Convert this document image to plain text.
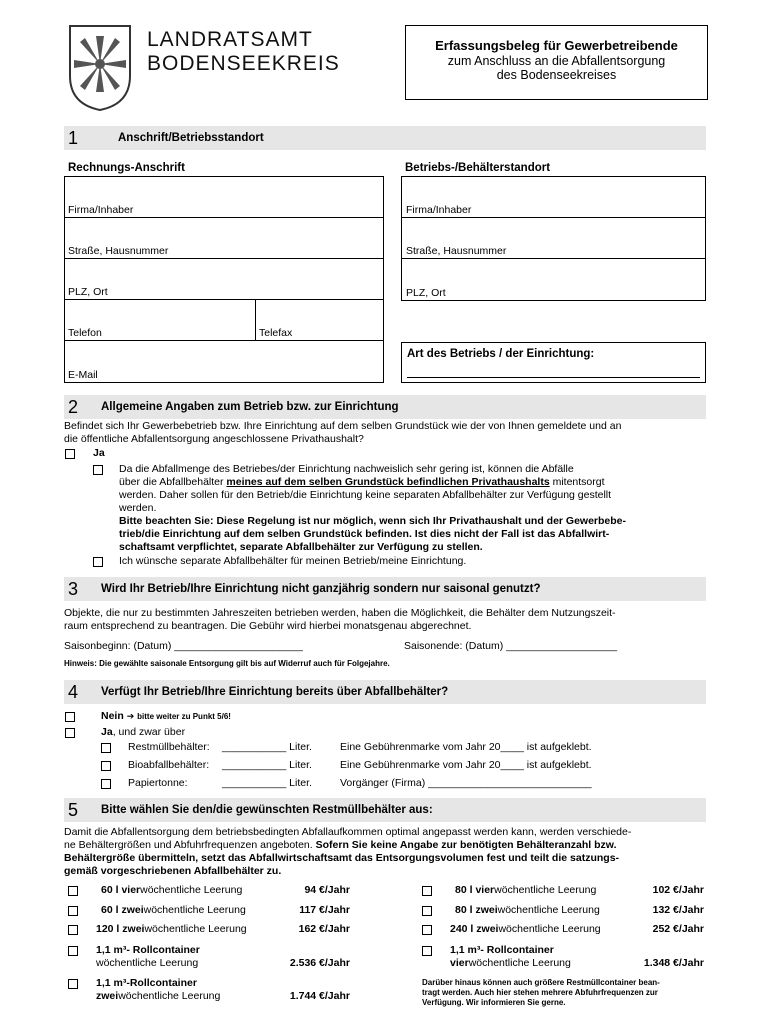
LANDRATSAMT
BODENSEEKREIS
Erfassungsbeleg für Gewerbetreibende
zum Anschluss an die Abfallentsorgung
des Bodenseekreises
1	Anschrift/Betriebsstandort
Rechnungs-Anschrift	Betriebs-/Behälterstandort
Firma/Inhaber
Straße, Hausnummer
PLZ, Ort
Telefon	Telefax
E-Mail
Firma/Inhaber
Straße, Hausnummer
PLZ, Ort
Art des Betriebs / der Einrichtung:
2 Allgemeine Angaben zum Betrieb bzw. zur Einrichtung
Befindet sich Ihr Gewerbebetrieb bzw. Ihre Einrichtung auf dem selben Grundstück wie der von Ihnen gemeldete und an
die öffentliche Abfallentsorgung angeschlossene Privathaushalt?
Ja
Da die Abfallmenge des Betriebes/der Einrichtung nachweislich sehr gering ist, können die Abfälle
über die Abfallbehälter meines auf dem selben Grundstück befindlichen Privathaushalts mitentsorgt
werden. Daher sollen für den Betrieb/die Einrichtung keine separaten Abfallbehälter zur Verfügung gestellt
werden.
Bitte beachten Sie: Diese Regelung ist nur möglich, wenn sich Ihr Privathaushalt und der Gewerbebe-
trieb/die Einrichtung auf dem selben Grundstück befinden. Ist dies nicht der Fall ist das Abfallwirt-
schaftsamt verpflichtet, separate Abfallbehälter zur Verfügung zu stellen.
Ich wünsche separate Abfallbehälter für meinen Betrieb/meine Einrichtung.
3 Wird Ihr Betrieb/Ihre Einrichtung nicht ganzjährig sondern nur saisonal genutzt?
Objekte, die nur zu bestimmten Jahreszeiten betrieben werden, haben die Möglichkeit, die Behälter dem Nutzungszeit-
raum entsprechend zu beantragen. Die Gebühr wird hierbei monatsgenau abgerechnet.
Saisonbeginn: (Datum) ______________________	Saisonende: (Datum) ___________________
Hinweis: Die gewählte saisonale Entsorgung gilt bis auf Widerruf auch für Folgejahre.
4 Verfügt Ihr Betrieb/Ihre Einrichtung bereits über Abfallbehälter?
Nein ➔ bitte weiter zu Punkt 5/6!
Ja, und zwar über
Restmüllbehälter: ___________ Liter.	Eine Gebührenmarke vom Jahr 20____ ist aufgeklebt.
Bioabfallbehälter: ___________ Liter.	Eine Gebührenmarke vom Jahr 20____ ist aufgeklebt.
Papiertonne:	___________ Liter.	Vorgänger (Firma) ____________________________
5 Bitte wählen Sie den/die gewünschten Restmüllbehälter aus:
Damit die Abfallentsorgung dem betriebsbedingten Abfallaufkommen optimal angepasst werden kann, werden verschiede-
ne Behältergrößen und Abfuhrfrequenzen angeboten. Sofern Sie keine Angabe zur benötigten Behälteranzahl bzw.
Behältergröße übermitteln, setzt das Abfallwirtschaftsamt das Entsorgungsvolumen fest und teilt die satzungs-
gemäß vorgeschriebenen Abfallbehälter zu.
60 l vierwöchentliche Leerung	94 €/Jahr
60 l zweiwöchentliche Leerung	117 €/Jahr
120 l zweiwöchentliche Leerung	162 €/Jahr
1,1 m³- Rollcontainer
wöchentliche Leerung	2.536 €/Jahr
1,1 m³-Rollcontainer
zweiwöchentliche Leerung	1.744 €/Jahr
80 l vierwöchentliche Leerung	102 €/Jahr
80 l zweiwöchentliche Leerung	132 €/Jahr
240 l zweiwöchentliche Leerung	252 €/Jahr
1,1 m³- Rollcontainer
vierwöchentliche Leerung	1.348 €/Jahr
Darüber hinaus können auch größere Restmüllcontainer bean-
tragt werden. Auch hier stehen mehrere Abfuhrfrequenzen zur
Verfügung. Wir informieren Sie gerne.
